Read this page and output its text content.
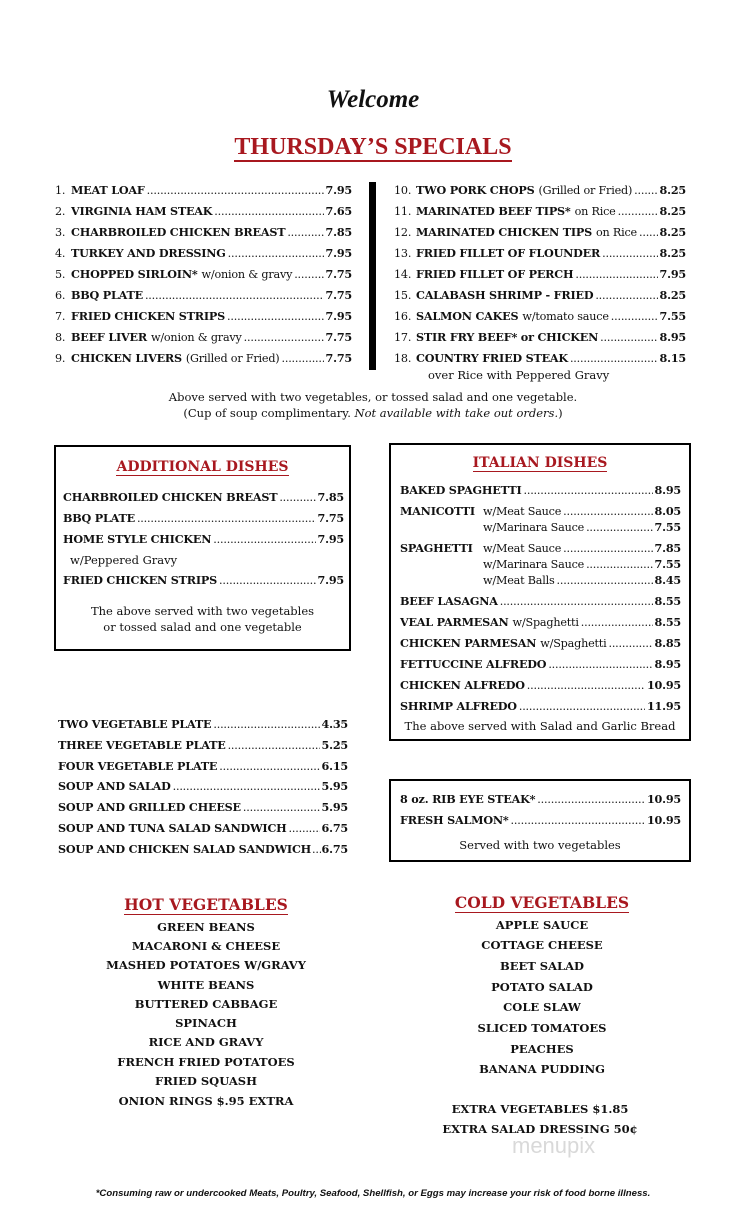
Welcome
THURSDAY’S SPECIALS
1. MEAT LOAF .....	7.95
2. VIRGINIA HAM STEAK .....	7.65
3. CHARBROILED CHICKEN BREAST .....	7.85
4. TURKEY AND DRESSING .....	7.95
5. CHOPPED SIRLOIN* w/onion & gravy .....	7.75
6. BBQ PLATE .....	7.75
7. FRIED CHICKEN STRIPS .....	7.95
8. BEEF LIVER w/onion & gravy .....	7.75
9. CHICKEN LIVERS (Grilled or Fried) .....	7.75
10. TWO PORK CHOPS (Grilled or Fried) ..... 8.25
11. MARINATED BEEF TIPS* on Rice .....	8.25
12. MARINATED CHICKEN TIPS on Rice ..... 8.25
13. FRIED FILLET OF FLOUNDER .....	8.25
14. FRIED FILLET OF PERCH .....	7.95
15. CALABASH SHRIMP - FRIED .....	8.25
16. SALMON CAKES w/tomato sauce .....	7.55
17. STIR FRY BEEF* or CHICKEN .....	8.95
18. COUNTRY FRIED STEAK .....	8.15
over Rice with Peppered Gravy
Above served with two vegetables, or tossed salad and one vegetable.
(Cup of soup complimentary. Not available with take out orders.)
ADDITIONAL DISHES
CHARBROILED CHICKEN BREAST .....	7.85
BBQ PLATE .....	7.75
HOME STYLE CHICKEN .....	7.95
w/Peppered Gravy
FRIED CHICKEN STRIPS .....	7.95
The above served with two vegetables
or tossed salad and one vegetable
ITALIAN DISHES
BAKED SPAGHETTI .....	8.95
MANICOTTI w/Meat Sauce .....	8.05
w/Marinara Sauce .....	7.55
SPAGHETTI w/Meat Sauce .....	7.85
w/Marinara Sauce .....	7.55
w/Meat Balls .....	8.45
BEEF LASAGNA .....	8.55
VEAL PARMESAN w/Spaghetti .....	8.55
CHICKEN PARMESAN w/Spaghetti .....	8.85
FETTUCCINE ALFREDO .....	8.95
CHICKEN ALFREDO .....	10.95
SHRIMP ALFREDO .....	11.95
The above served with Salad and Garlic Bread
TWO VEGETABLE PLATE .....	4.35
THREE VEGETABLE PLATE .....	5.25
FOUR VEGETABLE PLATE .....	6.15
SOUP AND SALAD .....	5.95
SOUP AND GRILLED CHEESE .....	5.95
SOUP AND TUNA SALAD SANDWICH .....	6.75
SOUP AND CHICKEN SALAD SANDWICH ..... 6.75
8 oz. RIB EYE STEAK* .....	10.95
FRESH SALMON* .....	10.95
Served with two vegetables
HOT VEGETABLES
GREEN BEANS
MACARONI & CHEESE
MASHED POTATOES W/GRAVY
WHITE BEANS
BUTTERED CABBAGE
SPINACH
RICE AND GRAVY
FRENCH FRIED POTATOES
FRIED SQUASH
ONION RINGS $.95 EXTRA
COLD VEGETABLES
APPLE SAUCE
COTTAGE CHEESE
BEET SALAD
POTATO SALAD
COLE SLAW
SLICED TOMATOES
PEACHES
BANANA PUDDING
EXTRA VEGETABLES $1.85
EXTRA SALAD DRESSING 50¢
menupix
*Consuming raw or undercooked Meats, Poultry, Seafood, Shellfish, or Eggs may increase your risk of food borne illness.
